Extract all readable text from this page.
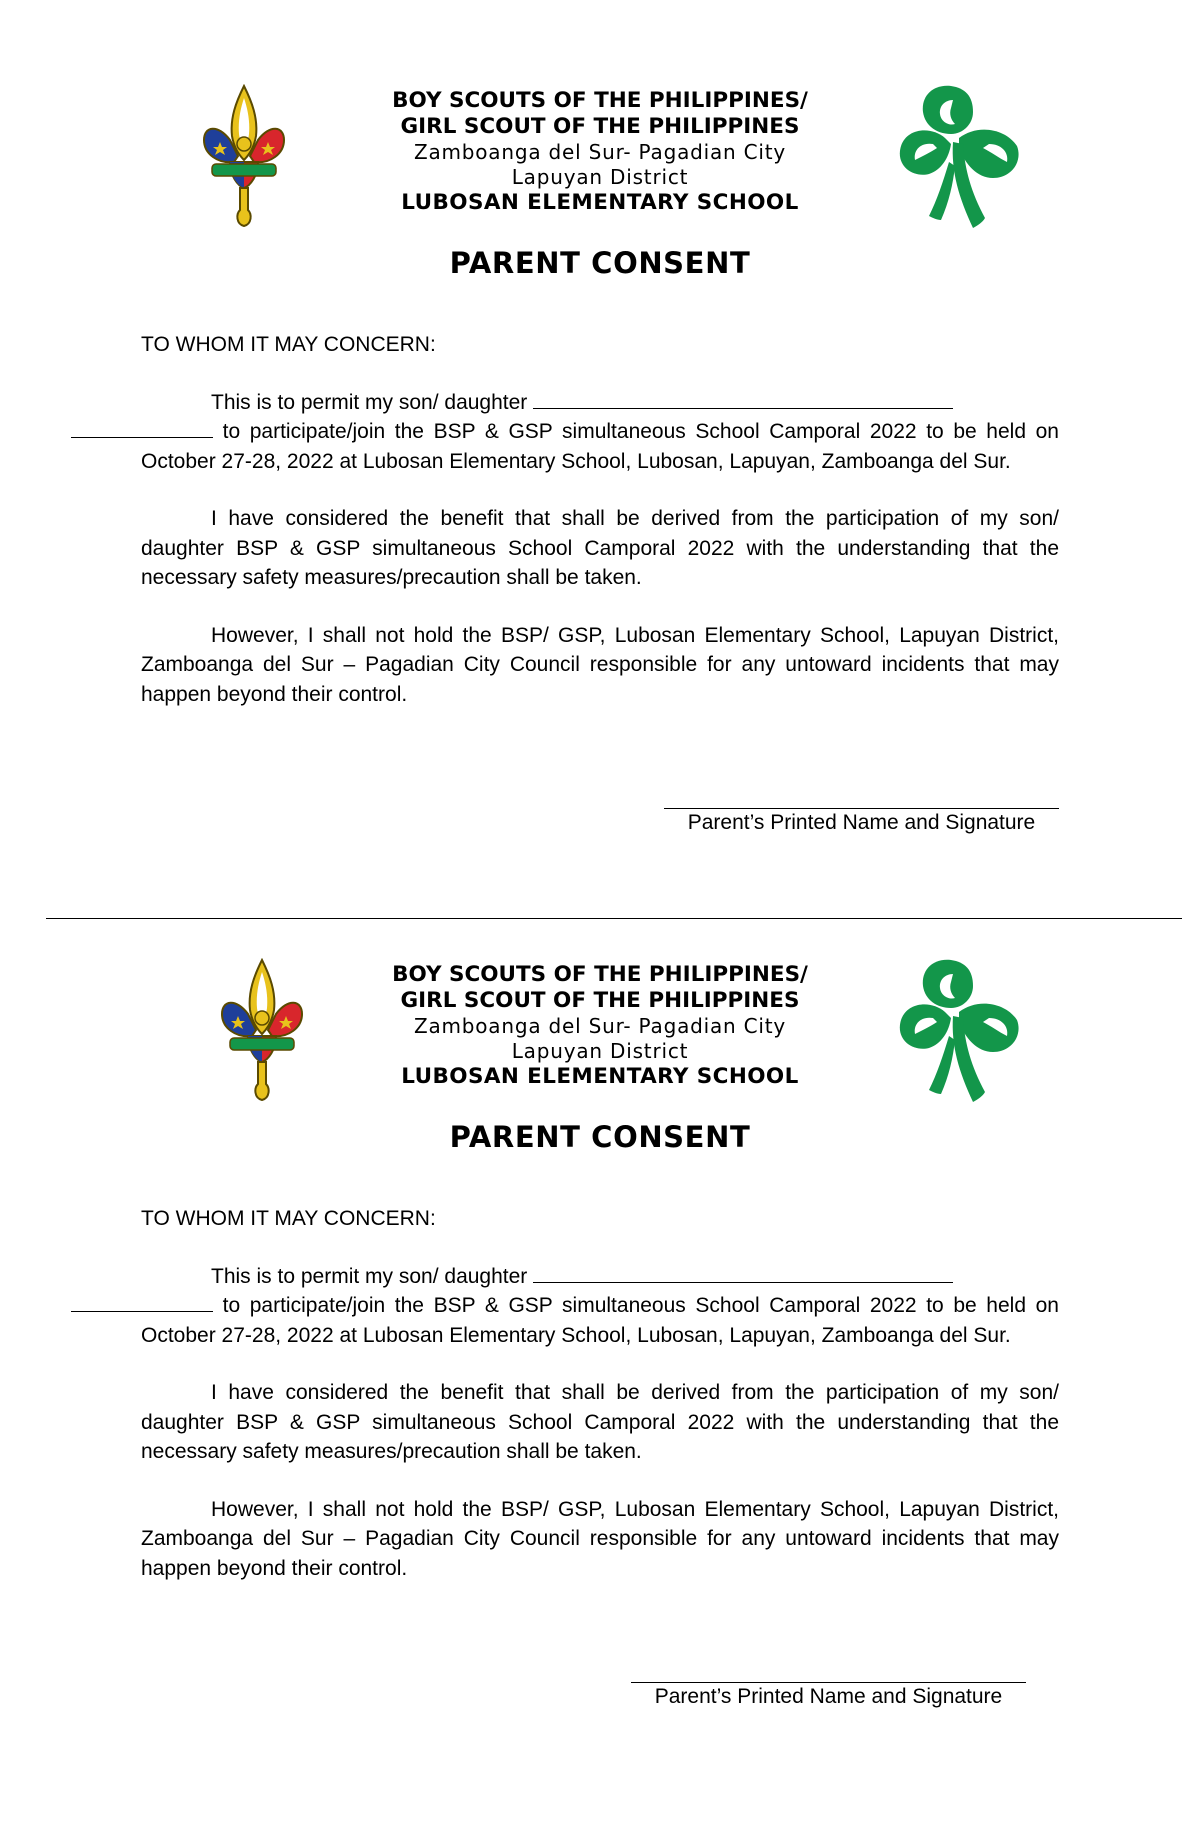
BOY SCOUTS OF THE PHILIPPINES/
GIRL SCOUT OF THE PHILIPPINES
Zamboanga del Sur- Pagadian City
Lapuyan District
LUBOSAN ELEMENTARY SCHOOL
PARENT CONSENT

TO WHOM IT MAY CONCERN:

This is to permit my son/ daughter
to participate/join the BSP & GSP simultaneous School Camporal 2022 to be held on October 27-28, 2022 at Lubosan Elementary School, Lubosan, Lapuyan, Zamboanga del Sur.

I have considered the benefit that shall be derived from the participation of my son/ daughter BSP & GSP simultaneous School Camporal 2022 with the understanding that the necessary safety measures/precaution shall be taken.

However, I shall not hold the BSP/ GSP, Lubosan Elementary School, Lapuyan District, Zamboanga del Sur – Pagadian City Council responsible for any untoward incidents that may happen beyond their control.

Parent’s Printed Name and Signature
BOY SCOUTS OF THE PHILIPPINES/
GIRL SCOUT OF THE PHILIPPINES
Zamboanga del Sur- Pagadian City
Lapuyan District
LUBOSAN ELEMENTARY SCHOOL
PARENT CONSENT

TO WHOM IT MAY CONCERN:

This is to permit my son/ daughter
to participate/join the BSP & GSP simultaneous School Camporal 2022 to be held on October 27-28, 2022 at Lubosan Elementary School, Lubosan, Lapuyan, Zamboanga del Sur.

I have considered the benefit that shall be derived from the participation of my son/ daughter BSP & GSP simultaneous School Camporal 2022 with the understanding that the necessary safety measures/precaution shall be taken.

However, I shall not hold the BSP/ GSP, Lubosan Elementary School, Lapuyan District, Zamboanga del Sur – Pagadian City Council responsible for any untoward incidents that may happen beyond their control.

Parent’s Printed Name and Signature
